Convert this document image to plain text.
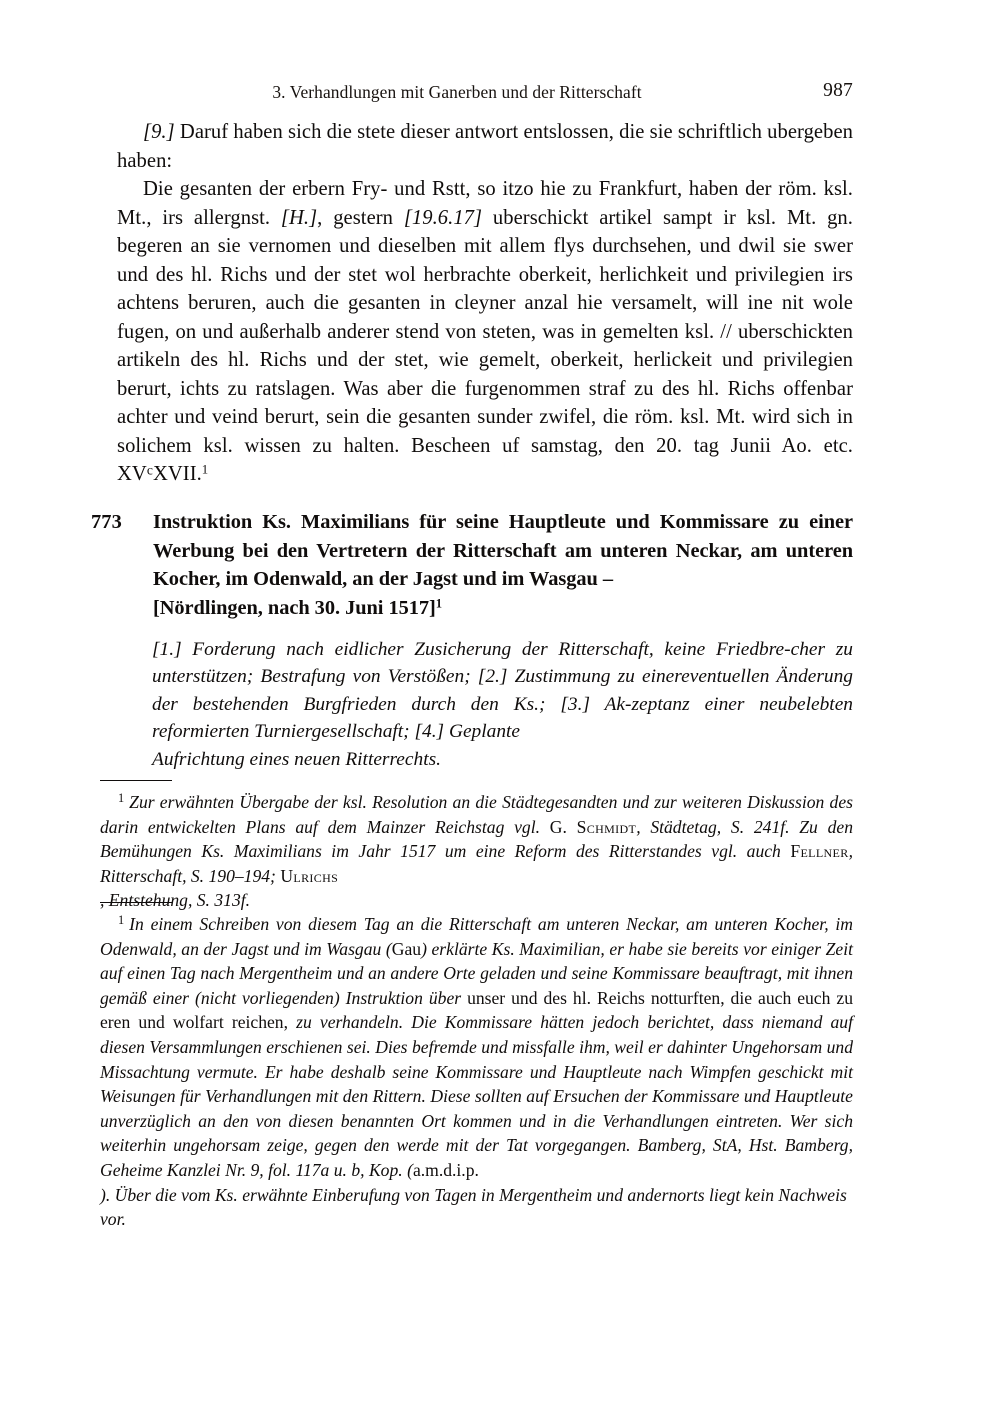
3. Verhandlungen mit Ganerben und der Ritterschaft	987

[9.] Daruf haben sich die stete dieser antwort entslossen, die sie schriftlich ubergeben haben:

Die gesanten der erbern Fry- und Rstt, so itzo hie zu Frankfurt, haben der röm. ksl. Mt., irs allergnst. [H.], gestern [19.6.17] uberschickt artikel sampt ir ksl. Mt. gn. begeren an sie vernomen und dieselben mit allem flys durchsehen, und dwil sie swer und des hl. Richs und der stet wol herbrachte oberkeit, herlichkeit und privilegien irs achtens beruren, auch die gesanten in cleyner anzal hie versamelt, will ine nit wole fugen, on und außerhalb anderer stend von steten, was in gemelten ksl. // uberschickten artikeln des hl. Richs und der stet, wie gemelt, oberkeit, herlickeit und privilegien berurt, ichts zu ratslagen. Was aber die furgenommen straf zu des hl. Richs offenbar achter und veind berurt, sein die gesanten sunder zwifel, die röm. ksl. Mt. wird sich in solichem ksl. wissen zu halten. Bescheen uf samstag, den 20. tag Junii Ao. etc. $XV^cXVII.^1$

773	Instruktion Ks. Maximilians für seine Hauptleute und Kommissare zu einer Werbung bei den Vertretern der Ritterschaft am unteren Neckar, am unteren Kocher, im Odenwald, an der Jagst und im Wasgau –
[Nördlingen, nach 30. Juni 1517]$^1$
[1.] Forderung nach eidlicher Zusicherung der Ritterschaft, keine Friedbre-cher zu unterstützen; Bestrafung von Verstößen; [2.] Zustimmung zu einereventuellen Änderung der bestehenden Burgfrieden durch den Ks.; [3.] Ak-zeptanz einer neubelebten reformierten Turniergesellschaft; [4.] Geplante
Aufrichtung eines neuen Ritterrechts.
$^1$ Zur erwähnten Übergabe der ksl. Resolution an die Städtegesandten und zur weiteren Diskussion des darin entwickelten Plans auf dem Mainzer Reichstag vgl. G. Schmidt, Städtetag, S. 241f. Zu den Bemühungen Ks. Maximilians im Jahr 1517 um eine Reform des Ritterstandes vgl. auch Fellner, Ritterschaft, S. 190–194; Ulrichs
, Entstehung, S. 313f.
$^1$ In einem Schreiben von diesem Tag an die Ritterschaft am unteren Neckar, am unteren Kocher, im Odenwald, an der Jagst und im Wasgau (Gau) erklärte Ks. Maximilian, er habe sie bereits vor einiger Zeit auf einen Tag nach Mergentheim und an andere Orte geladen und seine Kommissare beauftragt, mit ihnen gemäß einer (nicht vorliegenden) Instruktion über unser und des hl. Reichs notturften, die auch euch zu eren und wolfart reichen, zu verhandeln. Die Kommissare hätten jedoch berichtet, dass niemand auf diesen Versammlungen erschienen sei. Dies befremde und missfalle ihm, weil er dahinter Ungehorsam und Missachtung vermute. Er habe deshalb seine Kommissare und Hauptleute nach Wimpfen geschickt mit Weisungen für Verhandlungen mit den Rittern. Diese sollten auf Ersuchen der Kommissare und Hauptleute unverzüglich an den von diesen benannten Ort kommen und in die Verhandlungen eintreten. Wer sich weiterhin ungehorsam zeige, gegen den werde mit der Tat vorgegangen. Bamberg, StA, Hst. Bamberg, Geheime Kanzlei Nr. 9, fol. 117a u. b, Kop. (a.m.d.i.p.
). Über die vom Ks. erwähnte Einberufung von Tagen in Mergentheim und andernorts liegt kein Nachweis vor.
